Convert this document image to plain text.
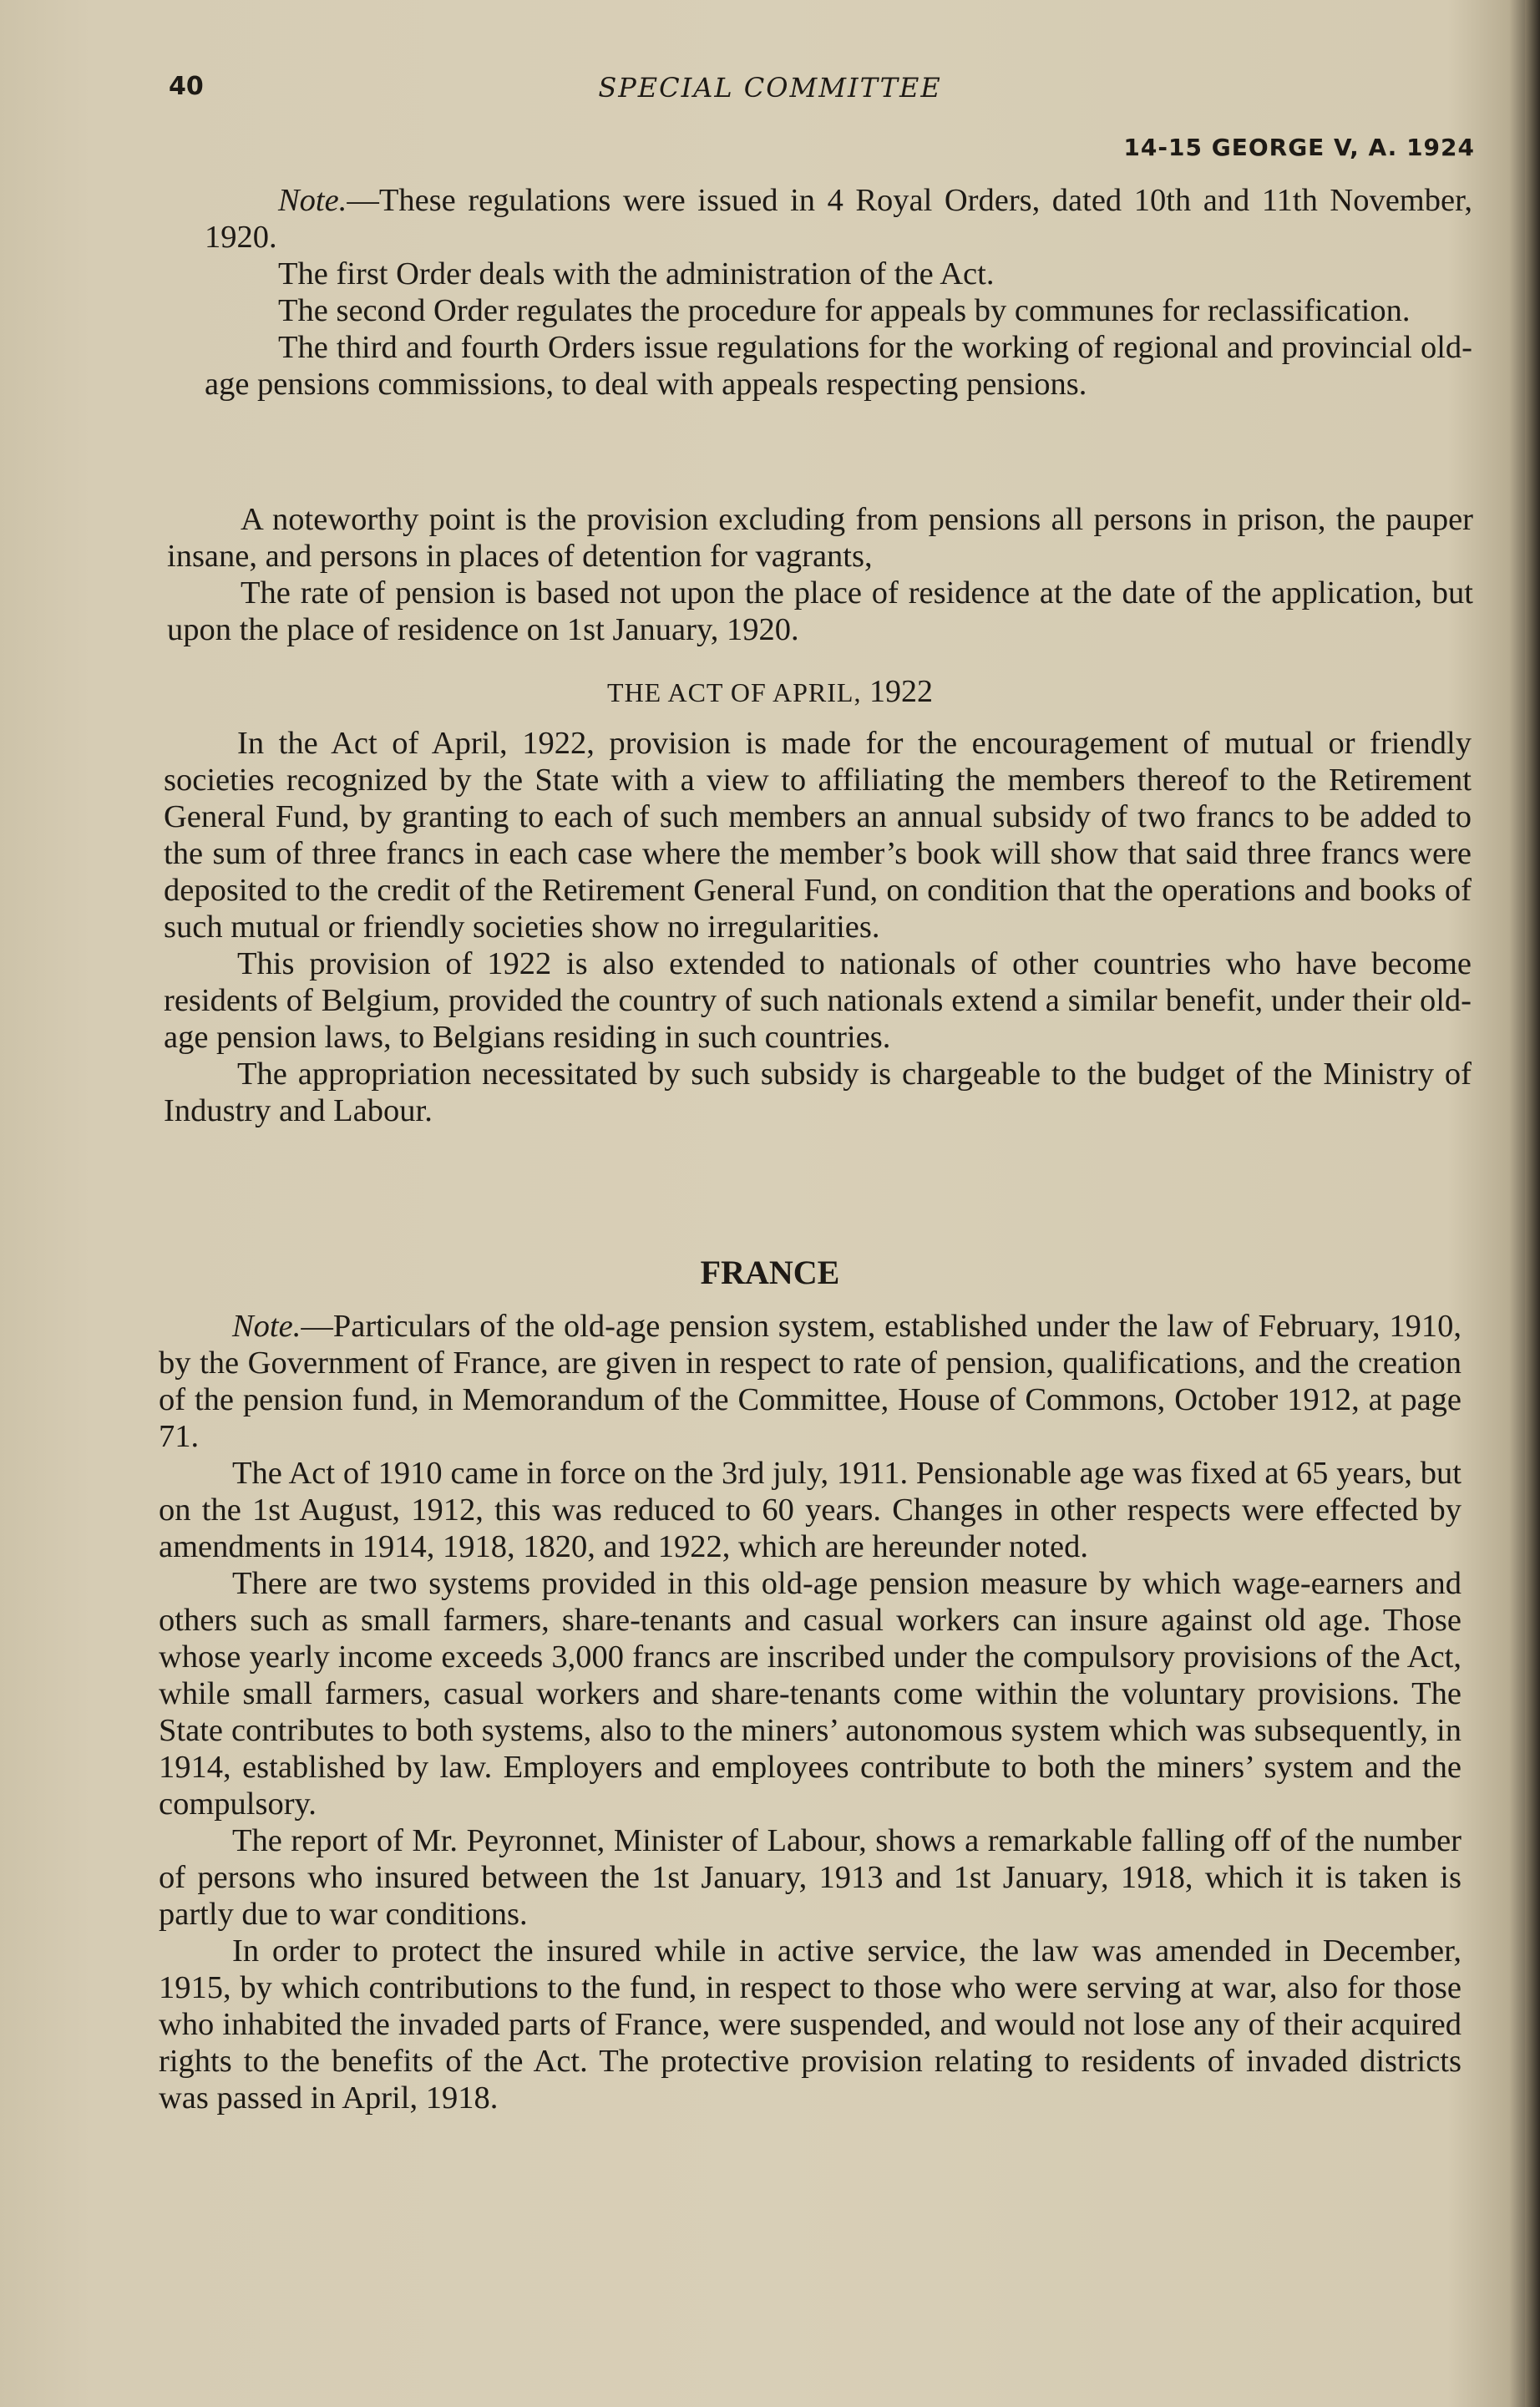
40	SPECIAL COMMITTEE
14-15 GEORGE V, A. 1924

Note.—These regulations were issued in 4 Royal Orders, dated 10th and 11th November, 1920.

The first Order deals with the administration of the Act.

The second Order regulates the procedure for appeals by communes for reclassification.

The third and fourth Orders issue regulations for the working of regional and provincial old-age pensions commissions, to deal with appeals respecting pensions.

A noteworthy point is the provision excluding from pensions all persons in prison, the pauper insane, and persons in places of detention for vagrants,

The rate of pension is based not upon the place of residence at the date of the application, but upon the place of residence on 1st January, 1920.

THE ACT OF APRIL, 1922

In the Act of April, 1922, provision is made for the encouragement of mutual or friendly societies recognized by the State with a view to affiliating the members thereof to the Retirement General Fund, by granting to each of such members an annual subsidy of two francs to be added to the sum of three francs in each case where the member’s book will show that said three francs were deposited to the credit of the Retirement General Fund, on condition that the operations and books of such mutual or friendly societies show no irregularities.

This provision of 1922 is also extended to nationals of other countries who have become residents of Belgium, provided the country of such nationals extend a similar benefit, under their old-age pension laws, to Belgians residing in such countries.

The appropriation necessitated by such subsidy is chargeable to the budget of the Ministry of Industry and Labour.

FRANCE

Note.—Particulars of the old-age pension system, established under the law of February, 1910, by the Government of France, are given in respect to rate of pension, qualifications, and the creation of the pension fund, in Memorandum of the Committee, House of Commons, October 1912, at page 71.

The Act of 1910 came in force on the 3rd july, 1911. Pensionable age was fixed at 65 years, but on the 1st August, 1912, this was reduced to 60 years. Changes in other respects were effected by amendments in 1914, 1918, 1820, and 1922, which are hereunder noted.

There are two systems provided in this old-age pension measure by which wage-earners and others such as small farmers, share-tenants and casual workers can insure against old age. Those whose yearly income exceeds 3,000 francs are inscribed under the compulsory provisions of the Act, while small farmers, casual workers and share-tenants come within the voluntary provisions. The State contributes to both systems, also to the miners’ autonomous system which was subsequently, in 1914, established by law. Employers and employees contribute to both the miners’ system and the compulsory.

The report of Mr. Peyronnet, Minister of Labour, shows a remarkable falling off of the number of persons who insured between the 1st January, 1913 and 1st January, 1918, which it is taken is partly due to war conditions.

In order to protect the insured while in active service, the law was amended in December, 1915, by which contributions to the fund, in respect to those who were serving at war, also for those who inhabited the invaded parts of France, were suspended, and would not lose any of their acquired rights to the benefits of the Act. The protective provision relating to residents of invaded districts was passed in April, 1918.
